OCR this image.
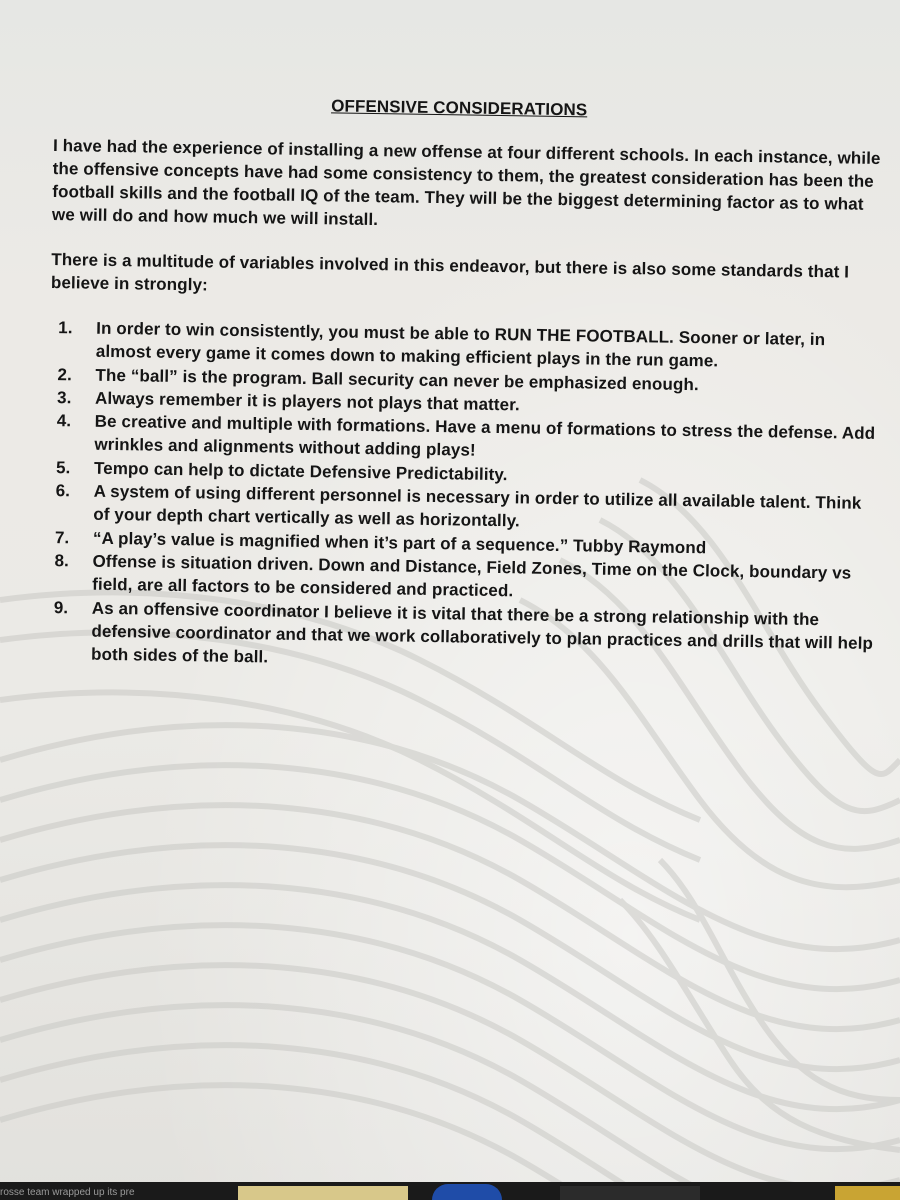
OFFENSIVE CONSIDERATIONS
I have had the experience of installing a new offense at four different schools. In each instance, while the offensive concepts have had some consistency to them, the greatest consideration has been the football skills and the football IQ of the team. They will be the biggest determining factor as to what we will do and how much we will install.
There is a multitude of variables involved in this endeavor, but there is also some standards that I believe in strongly:
1.	In order to win consistently, you must be able to RUN THE FOOTBALL. Sooner or later, in almost every game it comes down to making efficient plays in the run game.
2.	The “ball” is the program. Ball security can never be emphasized enough.
3.	Always remember it is players not plays that matter.
4.	Be creative and multiple with formations. Have a menu of formations to stress the defense. Add wrinkles and alignments without adding plays!
5.	Tempo can help to dictate Defensive Predictability.
6.	A system of using different personnel is necessary in order to utilize all available talent. Think of your depth chart vertically as well as horizontally.
7.	“A play’s value is magnified when it’s part of a sequence.” Tubby Raymond
8.	Offense is situation driven. Down and Distance, Field Zones, Time on the Clock, boundary vs field, are all factors to be considered and practiced.
9.	As an offensive coordinator I believe it is vital that there be a strong relationship with the defensive coordinator and that we work collaboratively to plan practices and drills that will help both sides of the ball.
rosse team wrapped up its pre
